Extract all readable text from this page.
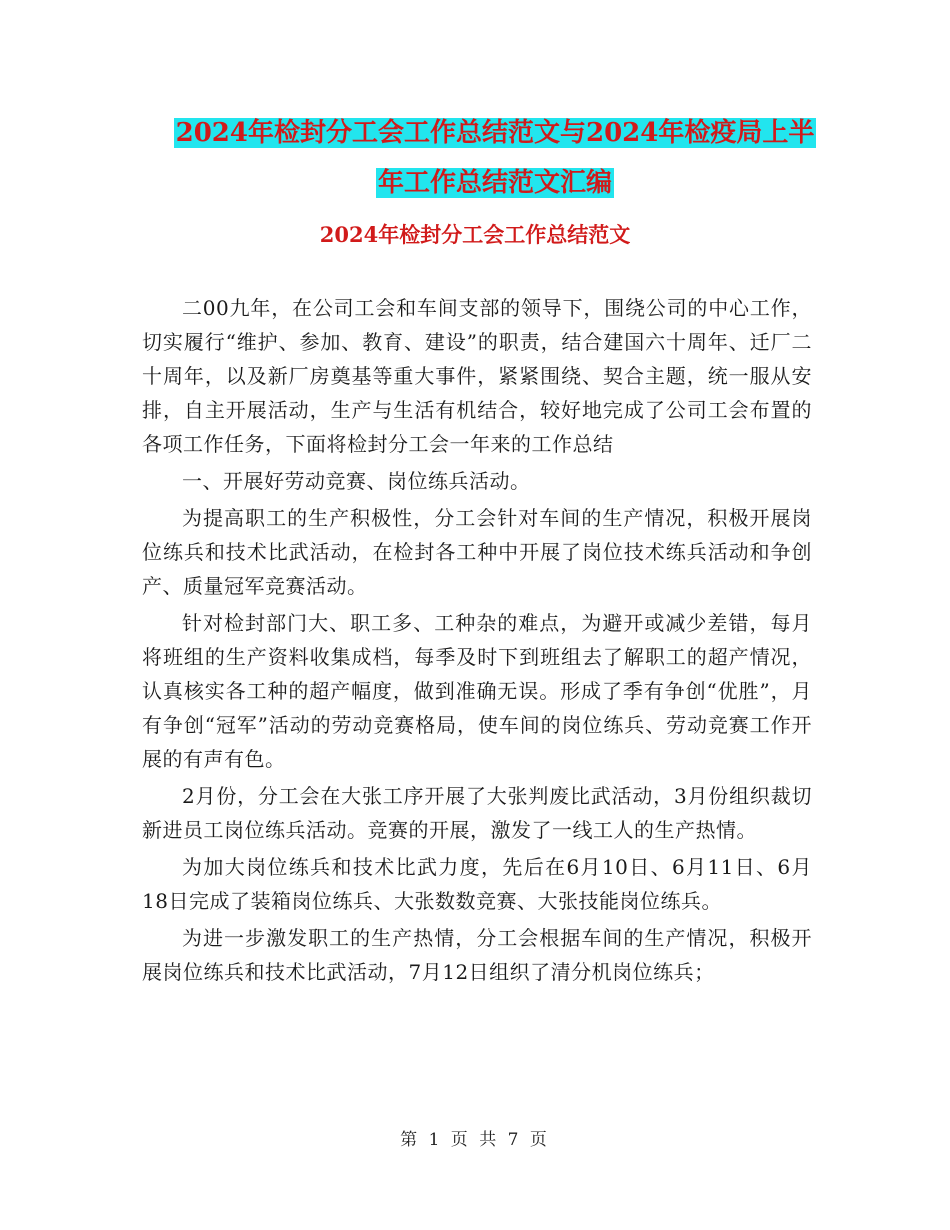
2024年检封分工会工作总结范文与2024年检疫局上半
年工作总结范文汇编
2024年检封分工会工作总结范文

二00九年，在公司工会和车间支部的领导下，围绕公司的中心工作，切实履行“维护、参加、教育、建设”的职责，结合建国六十周年、迁厂二十周年，以及新厂房奠基等重大事件，紧紧围绕、契合主题，统一服从安排，自主开展活动，生产与生活有机结合，较好地完成了公司工会布置的各项工作任务，下面将检封分工会一年来的工作总结

一、开展好劳动竞赛、岗位练兵活动。

为提高职工的生产积极性，分工会针对车间的生产情况，积极开展岗位练兵和技术比武活动，在检封各工种中开展了岗位技术练兵活动和争创产、质量冠军竞赛活动。

针对检封部门大、职工多、工种杂的难点，为避开或减少差错，每月将班组的生产资料收集成档，每季及时下到班组去了解职工的超产情况，认真核实各工种的超产幅度，做到准确无误。形成了季有争创“优胜”，月有争创“冠军”活动的劳动竞赛格局，使车间的岗位练兵、劳动竞赛工作开展的有声有色。

2月份，分工会在大张工序开展了大张判废比武活动，3月份组织裁切新进员工岗位练兵活动。竞赛的开展，激发了一线工人的生产热情。

为加大岗位练兵和技术比武力度，先后在6月10日、6月11日、6月18日完成了装箱岗位练兵、大张数数竞赛、大张技能岗位练兵。

为进一步激发职工的生产热情，分工会根据车间的生产情况，积极开展岗位练兵和技术比武活动，7月12日组织了清分机岗位练兵；

第 1 页 共 7 页
